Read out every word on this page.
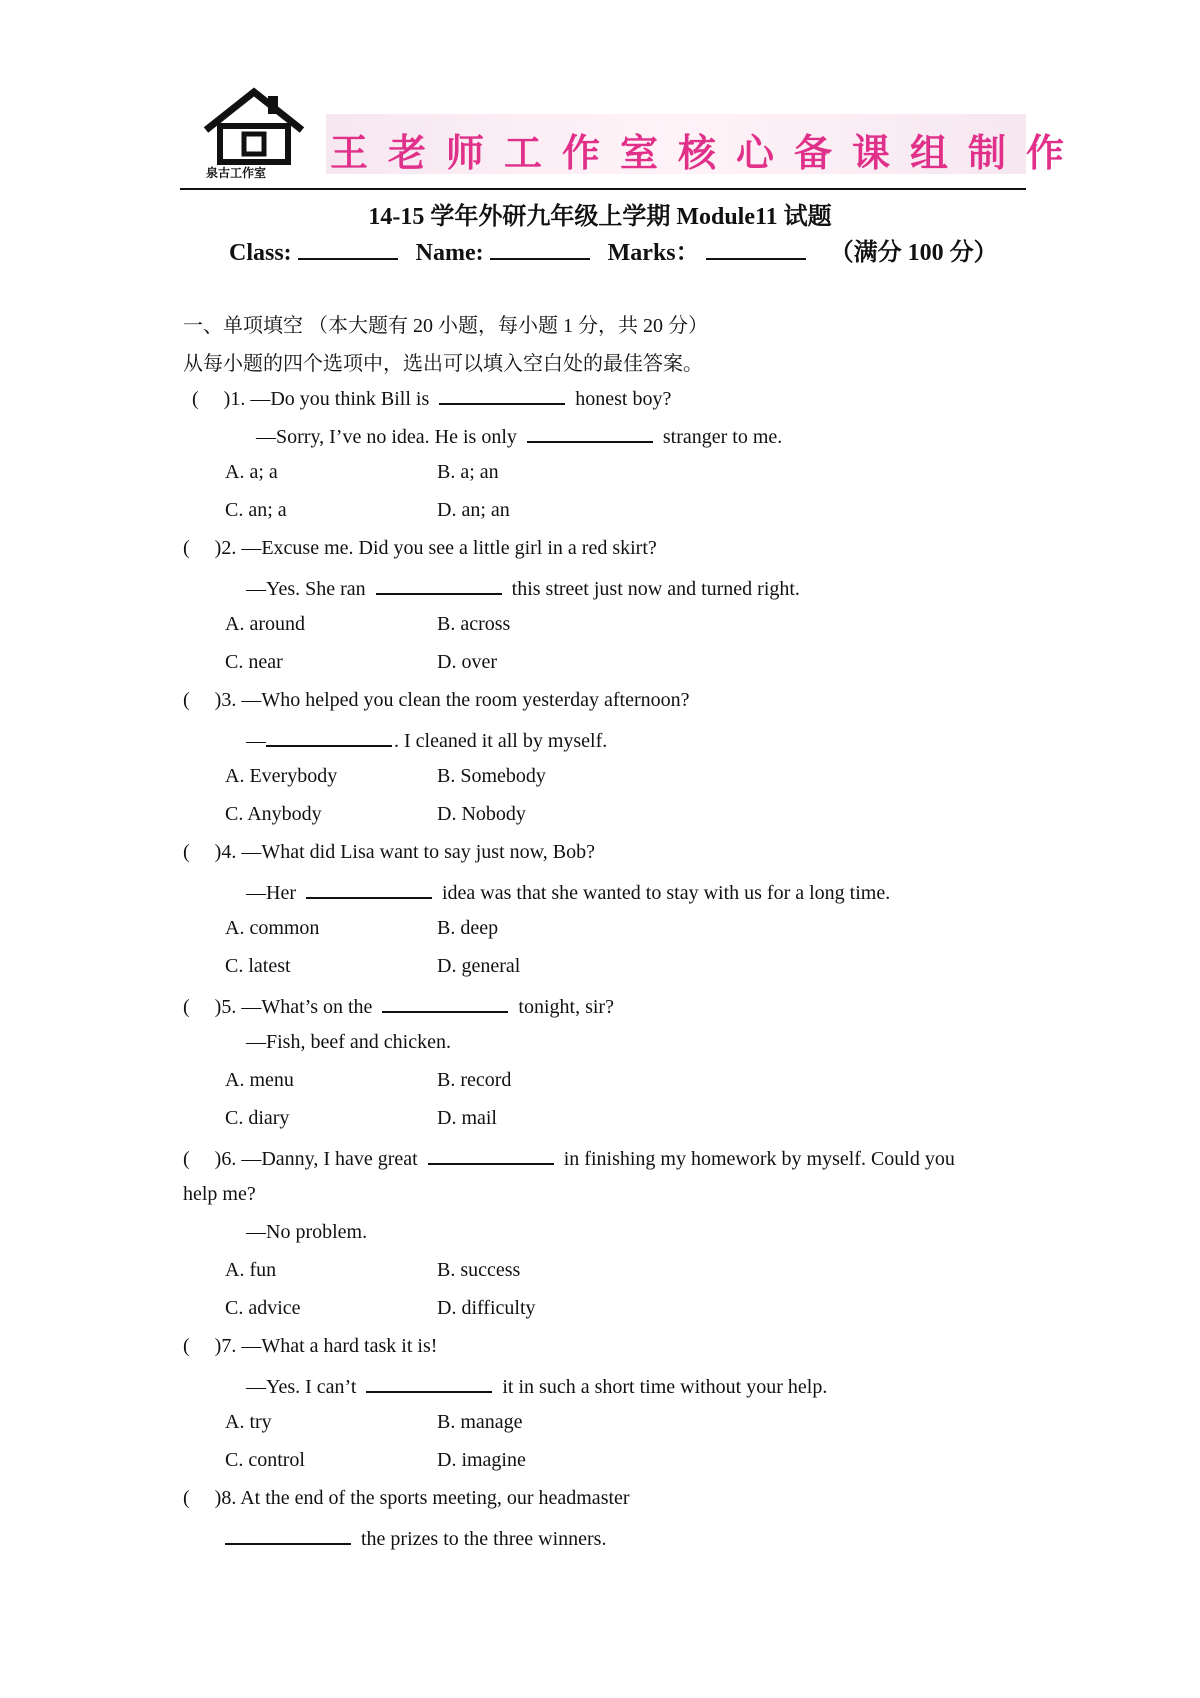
泉古工作室 王老师工作室核心备课组制作
14-15 学年外研九年级上学期 Module11 试题
Class:	Name:	Marks：	（满分 100 分）
一、单项填空 （本大题有 20 小题，每小题 1 分，共 20 分）
从每小题的四个选项中，选出可以填入空白处的最佳答案。
( )1. —Do you think Bill is	honest boy?
—Sorry, I’ve no idea. He is only	stranger to me.
A. a; a	B. a; an
C. an; a	D. an; an
( )2. —Excuse me. Did you see a little girl in a red skirt?
—Yes. She ran	this street just now and turned right.
A. around	B. across
C. near	D. over
( )3. —Who helped you clean the room yesterday afternoon?
—	. I cleaned it all by myself.
A. Everybody	B. Somebody
C. Anybody	D. Nobody
( )4. —What did Lisa want to say just now, Bob?
—Her	idea was that she wanted to stay with us for a long time.
A. common	B. deep
C. latest	D. general
( )5. —What’s on the	tonight, sir?
—Fish, beef and chicken.
A. menu	B. record
C. diary	D. mail
( )6. —Danny, I have great	in finishing my homework by myself. Could you
help me?
—No problem.
A. fun	B. success
C. advice	D. difficulty
( )7. —What a hard task it is!
—Yes. I can’t	it in such a short time without your help.
A. try	B. manage
C. control	D. imagine
( )8. At the end of the sports meeting, our headmaster
the prizes to the three winners.
